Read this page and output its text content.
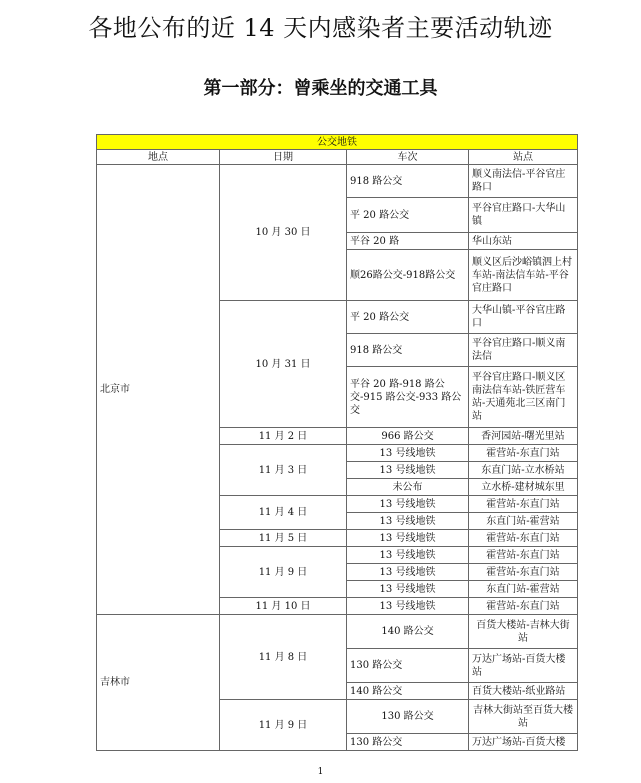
各地公布的近 14 天内感染者主要活动轨迹
第一部分：曾乘坐的交通工具
公交地铁			
地点	日期	车次	站点
北京市	10 月 30 日	918 路公交	顺义南法信-平谷官庄路口
		平 20 路公交	平谷官庄路口-大华山镇
		平谷 20 路	华山东站
		顺26路公交-918路公交	顺义区后沙峪镇泗上村车站-南法信车站-平谷官庄路口
	10 月 31 日	平 20 路公交	大华山镇-平谷官庄路口
		918 路公交	平谷官庄路口-顺义南法信
		平谷 20 路-918 路公交-915 路公交-933 路公交	平谷官庄路口-顺义区南法信车站-铁匠营车站-天通苑北三区南门站
	11 月 2 日	966 路公交	香河园站-曙光里站
	11 月 3 日	13 号线地铁	霍营站-东直门站
		13 号线地铁	东直门站-立水桥站
		未公布	立水桥-建材城东里
	11 月 4 日	13 号线地铁	霍营站-东直门站
		13 号线地铁	东直门站-霍营站
	11 月 5 日	13 号线地铁	霍营站-东直门站
	11 月 9 日	13 号线地铁	霍营站-东直门站
		13 号线地铁	霍营站-东直门站
		13 号线地铁	东直门站-霍营站
	11 月 10 日	13 号线地铁	霍营站-东直门站
吉林市	11 月 8 日	140 路公交	百货大楼站-吉林大街站
		130 路公交	万达广场站-百货大楼站
		140 路公交	百货大楼站-纸业路站
	11 月 9 日	130 路公交	吉林大街站至百货大楼站
		130 路公交	万达广场站-百货大楼
1
